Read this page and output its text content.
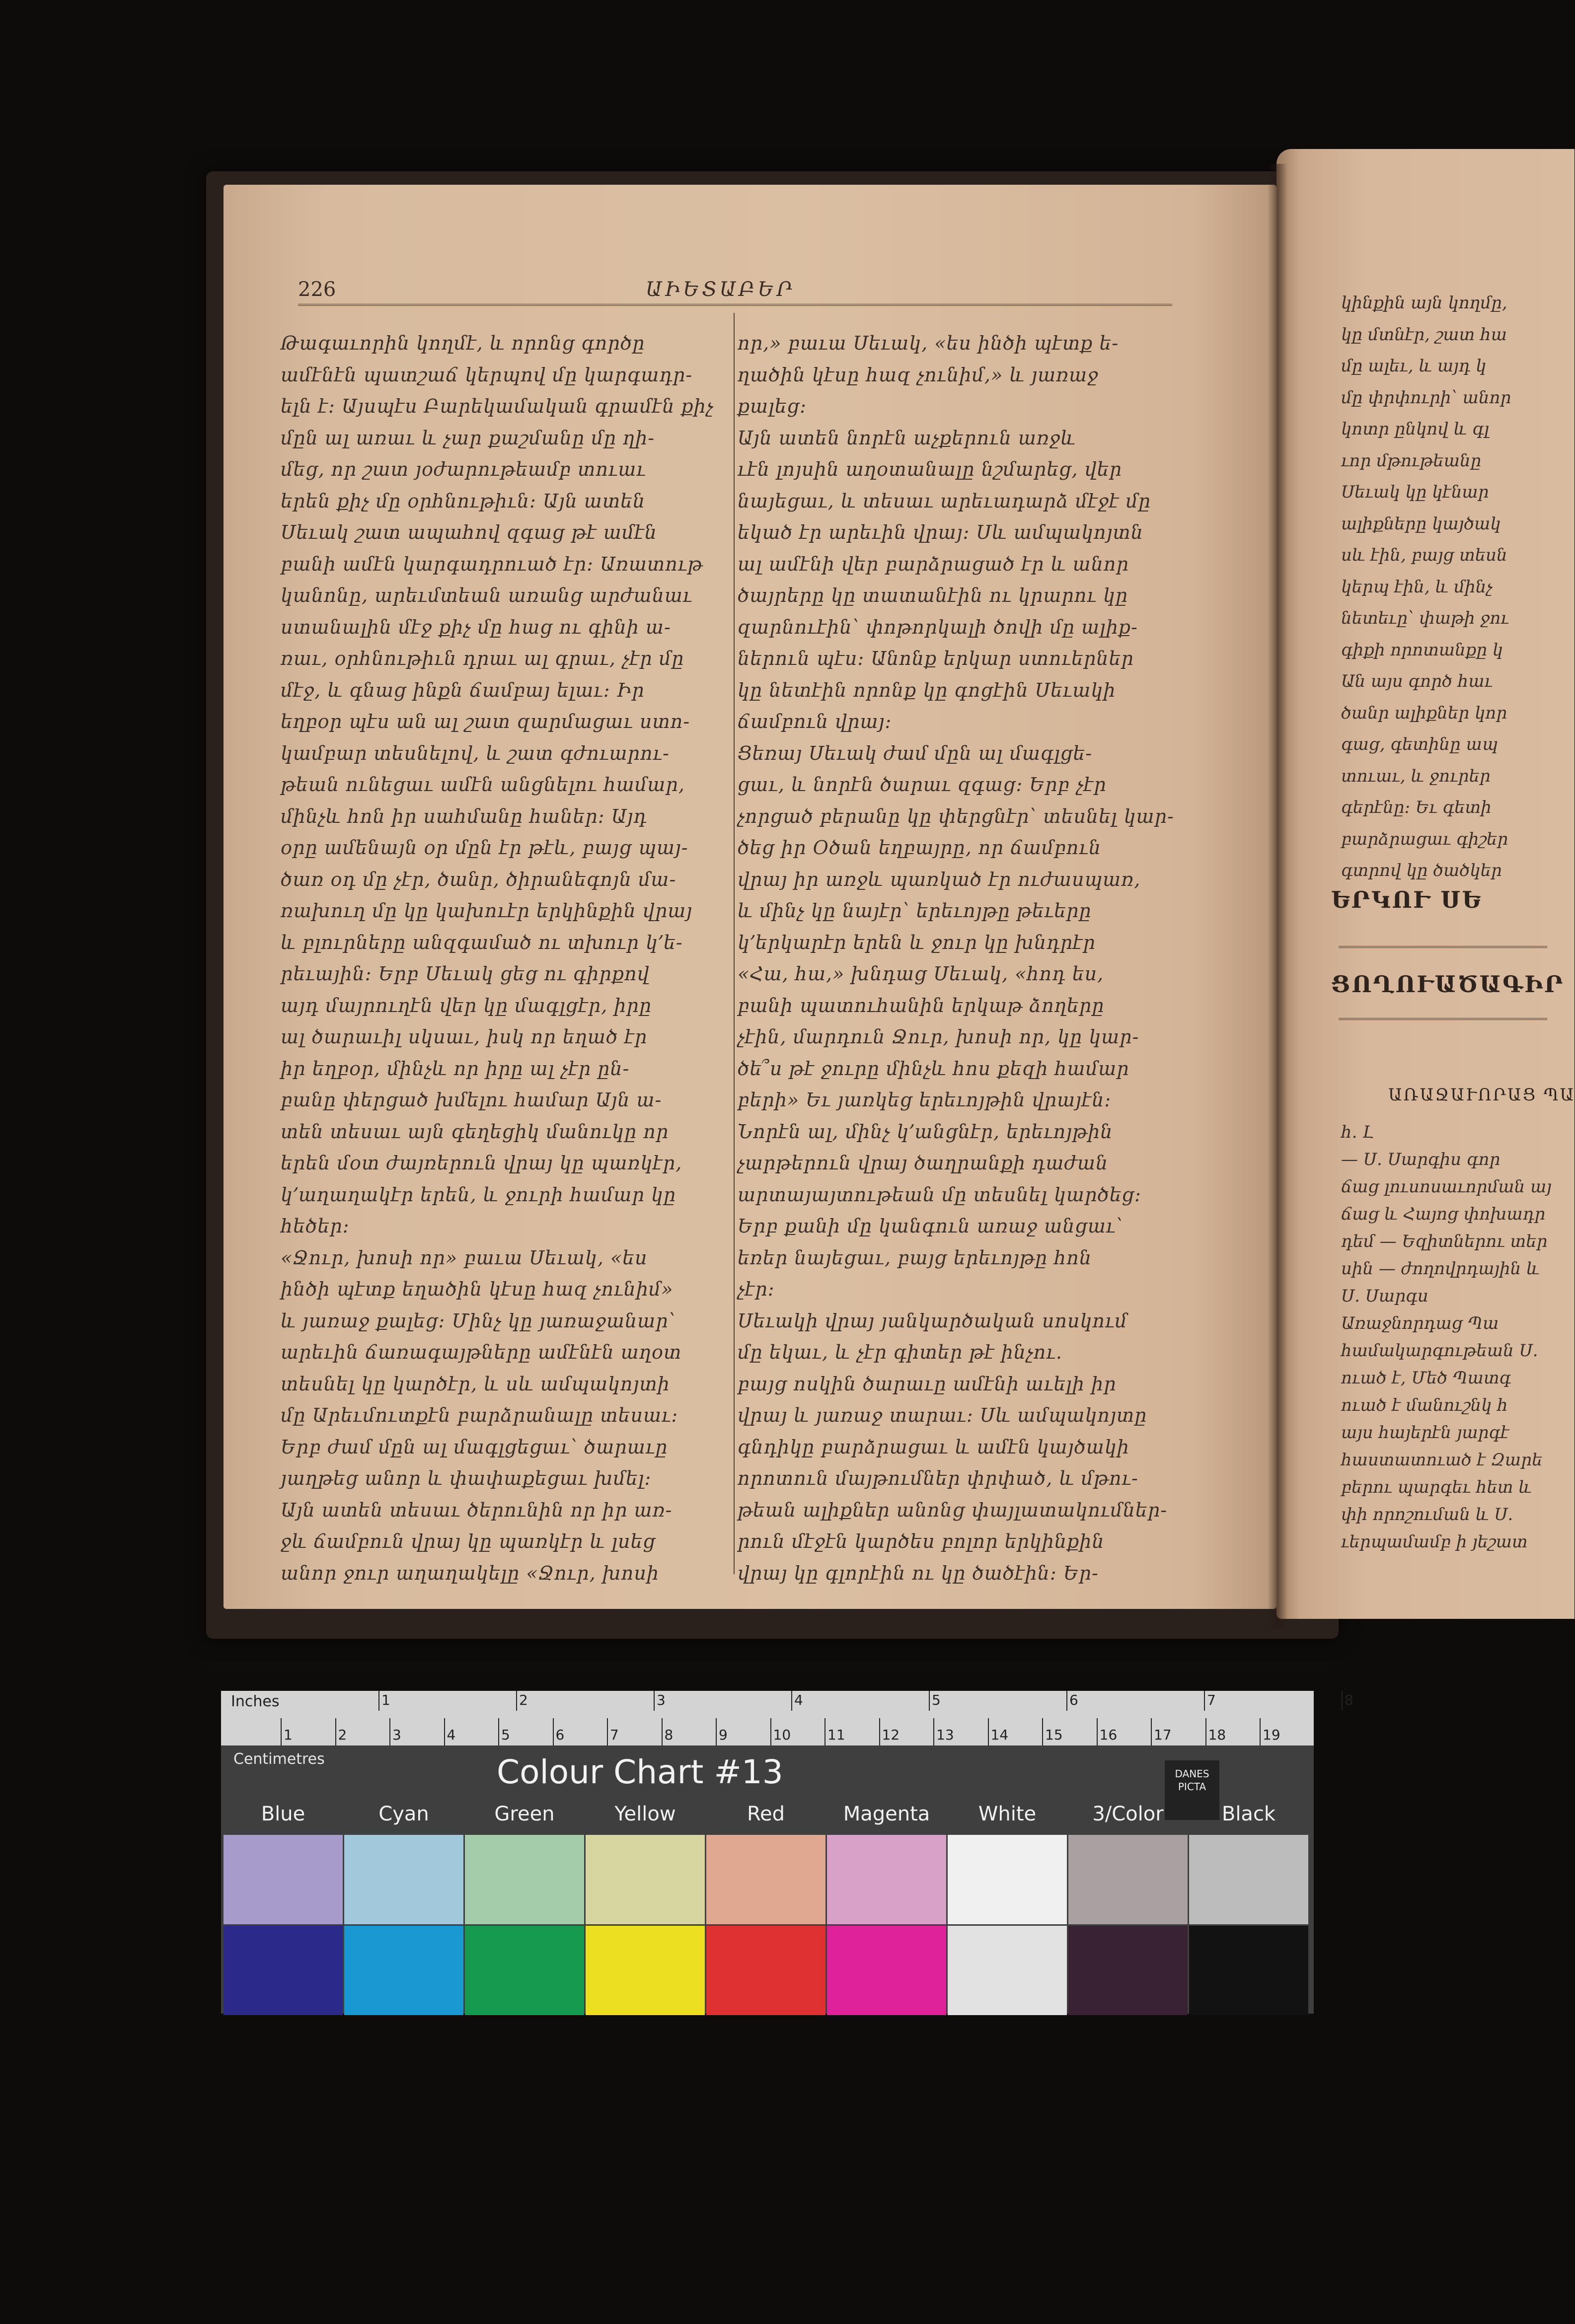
226	ԱԻԵՏԱԲԵՐ
Թագաւորին կողմէ, և որոնց գործը
ամէնէն պատշաճ կերպով մը կարգադր-
ելն է։ Այսպէս Բարեկամական գրամէն քիչ
մըն ալ առաւ և չար քաշմանը մը ղի-
մեց, որ շատ յօժարութեամբ տուաւ
երեն քիչ մը օրհնութիւն։ Այն ատեն
Սեւակ շատ ապահով զգաց թէ ամէն
բանի ամէն կարգադրուած էր։ Առատութ
կանոնը, արեւմտեան առանց արժանաւ
ստանալին մէջ քիչ մը հաց ու գինի ա-
ռաւ, օրհնութիւն դրաւ ալ գրաւ, չէր մը
մէջ, և գնաց ինքն ճամբայ ելաւ։ Իր
եղբօր պէս ան ալ շատ զարմացաւ ստո-
կամբար տեսնելով, և շատ գժուարու-
թեան ունեցաւ ամէն անցնելու համար,
մինչև հոն իր սահմանը հաներ։ Այդ
օրը ամենայն օր մըն էր թէև, բայց պայ-
ծառ օդ մը չէր, ծանր, ծիրանեգոյն մա-
ռախուղ մը կը կախուէր երկինքին վրայ
և բլուրները անզգամած ու տխուր կ՚ե-
րեւային։ Երբ Սեւակ ցեց ու գիրքով
այդ մայրուղէն վեր կը մագլցէր, իրը
ալ ծարաւիլ սկսաւ, իսկ որ եղած էր
իր եղբօր, մինչև որ իրը ալ չէր ըն-
բանը փերցած խմելու համար Այն ա-
տեն տեսաւ այն գեղեցիկ մանուկը որ
երեն մօտ ժայռերուն վրայ կը պառկէր,
կ՚աղաղակէր երեն, և ջուրի համար կը
հեծեր։
«Ջուր, խոսի որ» բաւա Սեւակ, «ես
ինծի պէտք եղածին կէսը հազ չունիմ»
և յառաջ քալեց։ Մինչ կը յառաջանար՝
արեւին ճառագայթները ամէնէն աղօտ
տեսնել կը կարծէր, և սև ամպակոյտի
մը Արեւմուտքէն բարձրանալը տեսաւ։
Երբ ժամ մըն ալ մագլցեցաւ՝ ծարաւը
յաղթեց անոր և փափաքեցաւ խմել։
Այն ատեն տեսաւ ծերունին որ իր առ-
ջև ճամբուն վրայ կը պառկէր և լսեց
անոր ջուր աղաղակելը «Ջուր, խոսի
որ,» բաւա Սեւակ, «ես ինծի պէտք ե-
ղածին կէսը հազ չունիմ,» և յառաջ
քալեց։
Այն ատեն նորէն աչքերուն առջև
ւէն լոյսին աղօտանալը նշմարեց, վեր
նայեցաւ, և տեսաւ արեւադարձ մէջէ մը
եկած էր արեւին վրայ։ Սև ամպակոյտն
ալ ամէնի վեր բարձրացած էր և անոր
ծայրերը կը տատանէին ու կրարու կը
զարնուէին՝ փոթորկալի ծովի մը ալիք-
ներուն պէս։ Անոնք երկար ստուերներ
կը նետէին որոնք կը գոցէին Սեւակի
ճամբուն վրայ։
Ցեռայ Սեւակ ժամ մըն ալ մագլցե-
ցաւ, և նորէն ծարաւ զգաց։ Երբ չէր
չորցած բերանը կը փերցնէր՝ տեսնել կար-
ծեց իր Օծան եղբայրը, որ ճամբուն
վրայ իր առջև պառկած էր ուժասպառ,
և մինչ կը նայէր՝ երեւոյթը թեւերը
կ՚երկարէր երեն և ջուր կը խնդրէր
«Հա, հա,» խնդաց Սեւակ, «հոդ ես,
բանի պատուհանին երկաթ ձողերը
չէին, մարդուն Ջուր, խոսի որ, կը կար-
ծե՞ս թէ ջուրը մինչև հոս քեզի համար
բերի» Եւ յառկեց երեւոյթին վրայէն։
Նորէն ալ, մինչ կ՚անցնէր, երեւոյթին
չարթերուն վրայ ծաղրանքի դաժան
արտայայտութեան մը տեսնել կարծեց։
Երբ քանի մը կանգուն առաջ անցաւ՝
եռեր նայեցաւ, բայց երեւոյթը հոն
չէր։
Սեւակի վրայ յանկարծական սոսկում
մը եկաւ, և չէր գիտեր թէ ինչու.
բայց ոսկին ծարաւը ամէնի աւելի իր
վրայ և յառաջ տարաւ։ Սև ամպակոյտը
գնդիկը բարձրացաւ և ամէն կայծակի
որոտուն մայթումներ փրփած, և մթու-
թեան ալիքներ անոնց փայլատակումներ-
րուն մէջէն կարծես բոլոր երկինքին
վրայ կը գլորէին ու կը ծածէին։ Եր-
կինքին այն կողմը,
կը մտնէր, շատ հա
մը ալեւ, և այդ կ
մը փրփուրի՝ անոր
կոտր ընկով և գլ
ւոր մթութեանը
Սեւակ կը կէնար
ալիքները կայծակ
սև էին, բայց տեսն
կերպ էին, և մինչ
նետեւը՝ փաթի ջու
գիքի որոտանքը կ
Ան այս գործ հաւ
ծանր ալիքներ կոր
գաց, գետինը ապ
տուաւ, և ջուրեր
գերէնը։ Եւ գետի
բարձրացաւ գիշեր
գտրով կը ծածկեր
ԵՐԿՈՒ ՍԵ
ՑՈՂՈՒԱԾԱԳԻՐ
ԱՌԱՋԱՒՈՐԱՑ ՊԱ
հ. Լ
— Ս. Սարգիս գոր
ճաց լուսոսաւորման այ
ճաց և Հայոց փոխադր
դեմ — Եզիտներու տեր
սին — ժողովրդային և
Ս. Սարգս
Առաջնորդաց Պա
համակարգութեան Ս.
ուած է, Մեծ Պատգ
ուած է մանուշնկ հ
այս հայերէն յարգէ
հաստատուած է Զարե
բերու պարգեւ հետ և
փի որոշուման և Ս.
ւերպամամբ ի յեշատ
Inches	1	2	3	4	5	6	7	8
1	2	3	4	5	6	7	8	9	10	11	12	13	14	15	16	17	18	19
Centimetres	Colour Chart #13	DANES PICTA
Blue	Cyan	Green	Yellow	Red	Magenta	White	3/Color	Black
